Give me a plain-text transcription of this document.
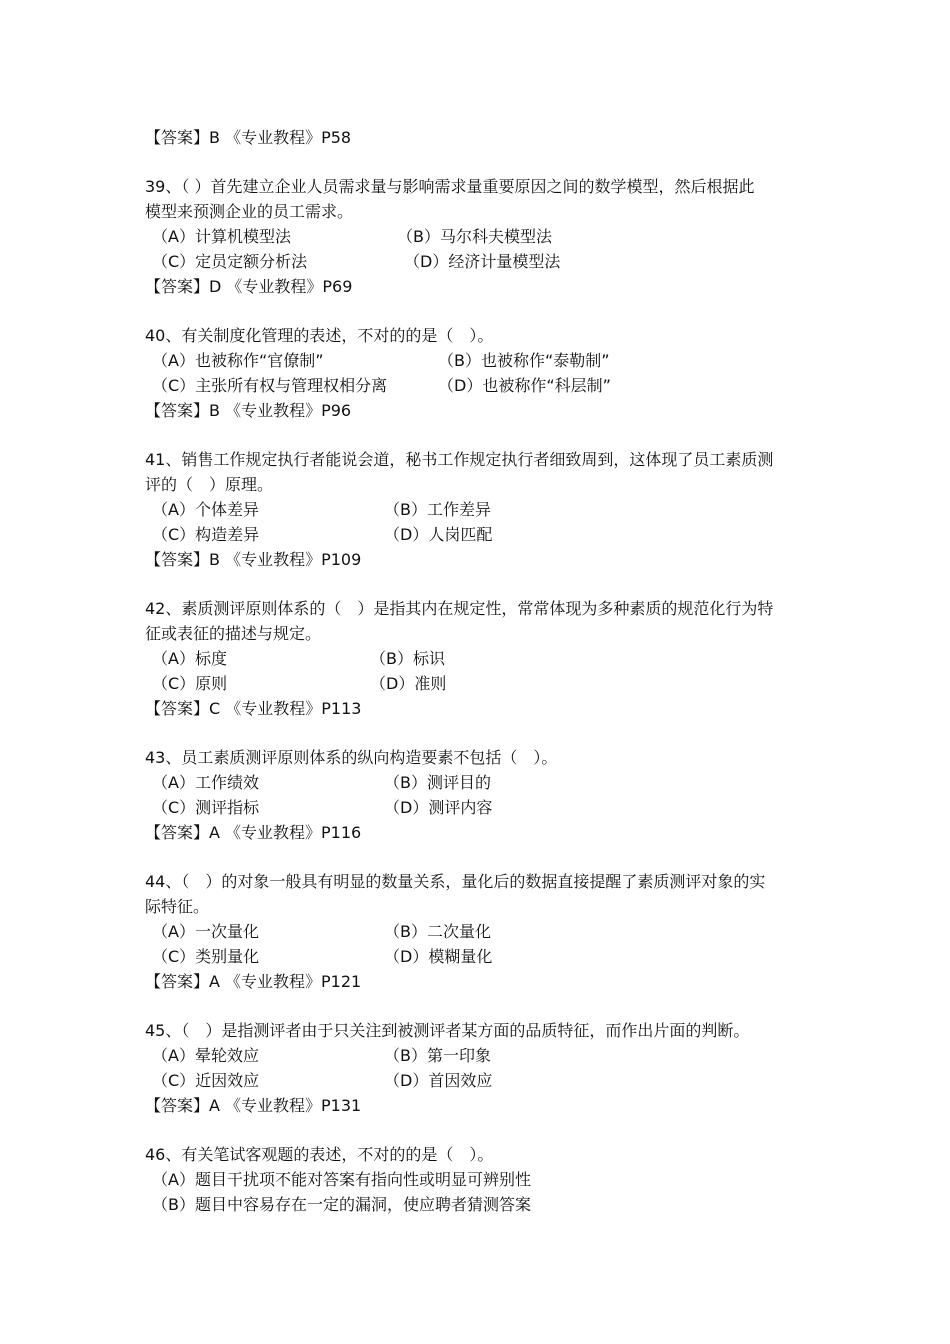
【答案】B 《专业教程》P58
39、（ ）首先建立企业人员需求量与影响需求量重要原因之间的数学模型，然后根据此
模型来预测企业的员工需求。
（A）计算机模型法	（B）马尔科夫模型法
（C）定员定额分析法	（D）经济计量模型法
【答案】D 《专业教程》P69
40、有关制度化管理的表述，不对的的是（　）。
（A）也被称作“官僚制”	（B）也被称作“泰勒制”
（C）主张所有权与管理权相分离	（D）也被称作“科层制”
【答案】B 《专业教程》P96
41、销售工作规定执行者能说会道，秘书工作规定执行者细致周到，这体现了员工素质测
评的（　）原理。
（A）个体差异	（B）工作差异
（C）构造差异	（D）人岗匹配
【答案】B 《专业教程》P109
42、素质测评原则体系的（　）是指其内在规定性，常常体现为多种素质的规范化行为特
征或表征的描述与规定。
（A）标度	（B）标识
（C）原则	（D）准则
【答案】C 《专业教程》P113
43、员工素质测评原则体系的纵向构造要素不包括（　）。
（A）工作绩效	（B）测评目的
（C）测评指标	（D）测评内容
【答案】A 《专业教程》P116
44、（　）的对象一般具有明显的数量关系，量化后的数据直接提醒了素质测评对象的实
际特征。
（A）一次量化	（B）二次量化
（C）类别量化	（D）模糊量化
【答案】A 《专业教程》P121
45、（　）是指测评者由于只关注到被测评者某方面的品质特征，而作出片面的判断。
（A）晕轮效应	（B）第一印象
（C）近因效应	（D）首因效应
【答案】A 《专业教程》P131
46、有关笔试客观题的表述，不对的的是（　）。
（A）题目干扰项不能对答案有指向性或明显可辨别性
（B）题目中容易存在一定的漏洞，使应聘者猜测答案
